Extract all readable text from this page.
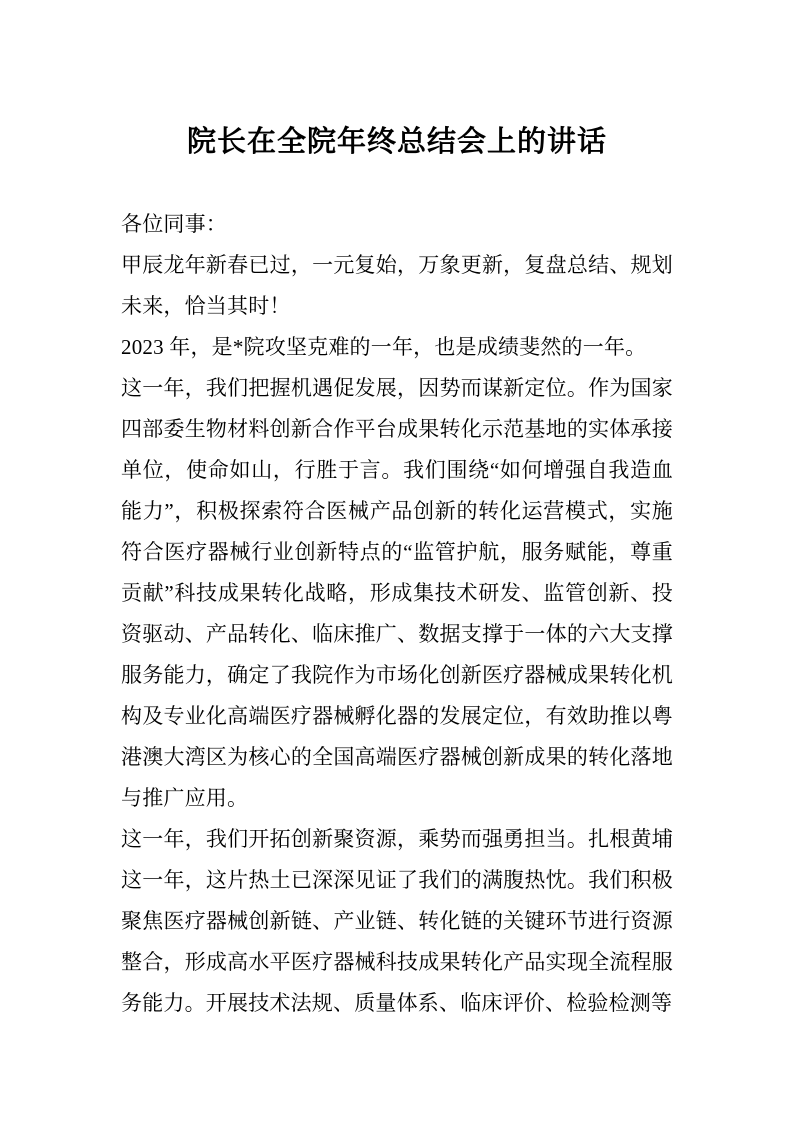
院长在全院年终总结会上的讲话

各位同事：

甲辰龙年新春已过，一元复始，万象更新，复盘总结、规划未来，恰当其时！

2023 年，是*院攻坚克难的一年，也是成绩斐然的一年。

这一年，我们把握机遇促发展，因势而谋新定位。作为国家四部委生物材料创新合作平台成果转化示范基地的实体承接单位，使命如山，行胜于言。我们围绕“如何增强自我造血能力”，积极探索符合医械产品创新的转化运营模式，实施符合医疗器械行业创新特点的“监管护航，服务赋能，尊重贡献”科技成果转化战略，形成集技术研发、监管创新、投资驱动、产品转化、临床推广、数据支撑于一体的六大支撑服务能力，确定了我院作为市场化创新医疗器械成果转化机构及专业化高端医疗器械孵化器的发展定位，有效助推以粤港澳大湾区为核心的全国高端医疗器械创新成果的转化落地与推广应用。

这一年，我们开拓创新聚资源，乘势而强勇担当。扎根黄埔这一年，这片热土已深深见证了我们的满腹热忱。我们积极聚焦医疗器械创新链、产业链、转化链的关键环节进行资源整合，形成高水平医疗器械科技成果转化产品实现全流程服务能力。开展技术法规、质量体系、临床评价、检验检测等
